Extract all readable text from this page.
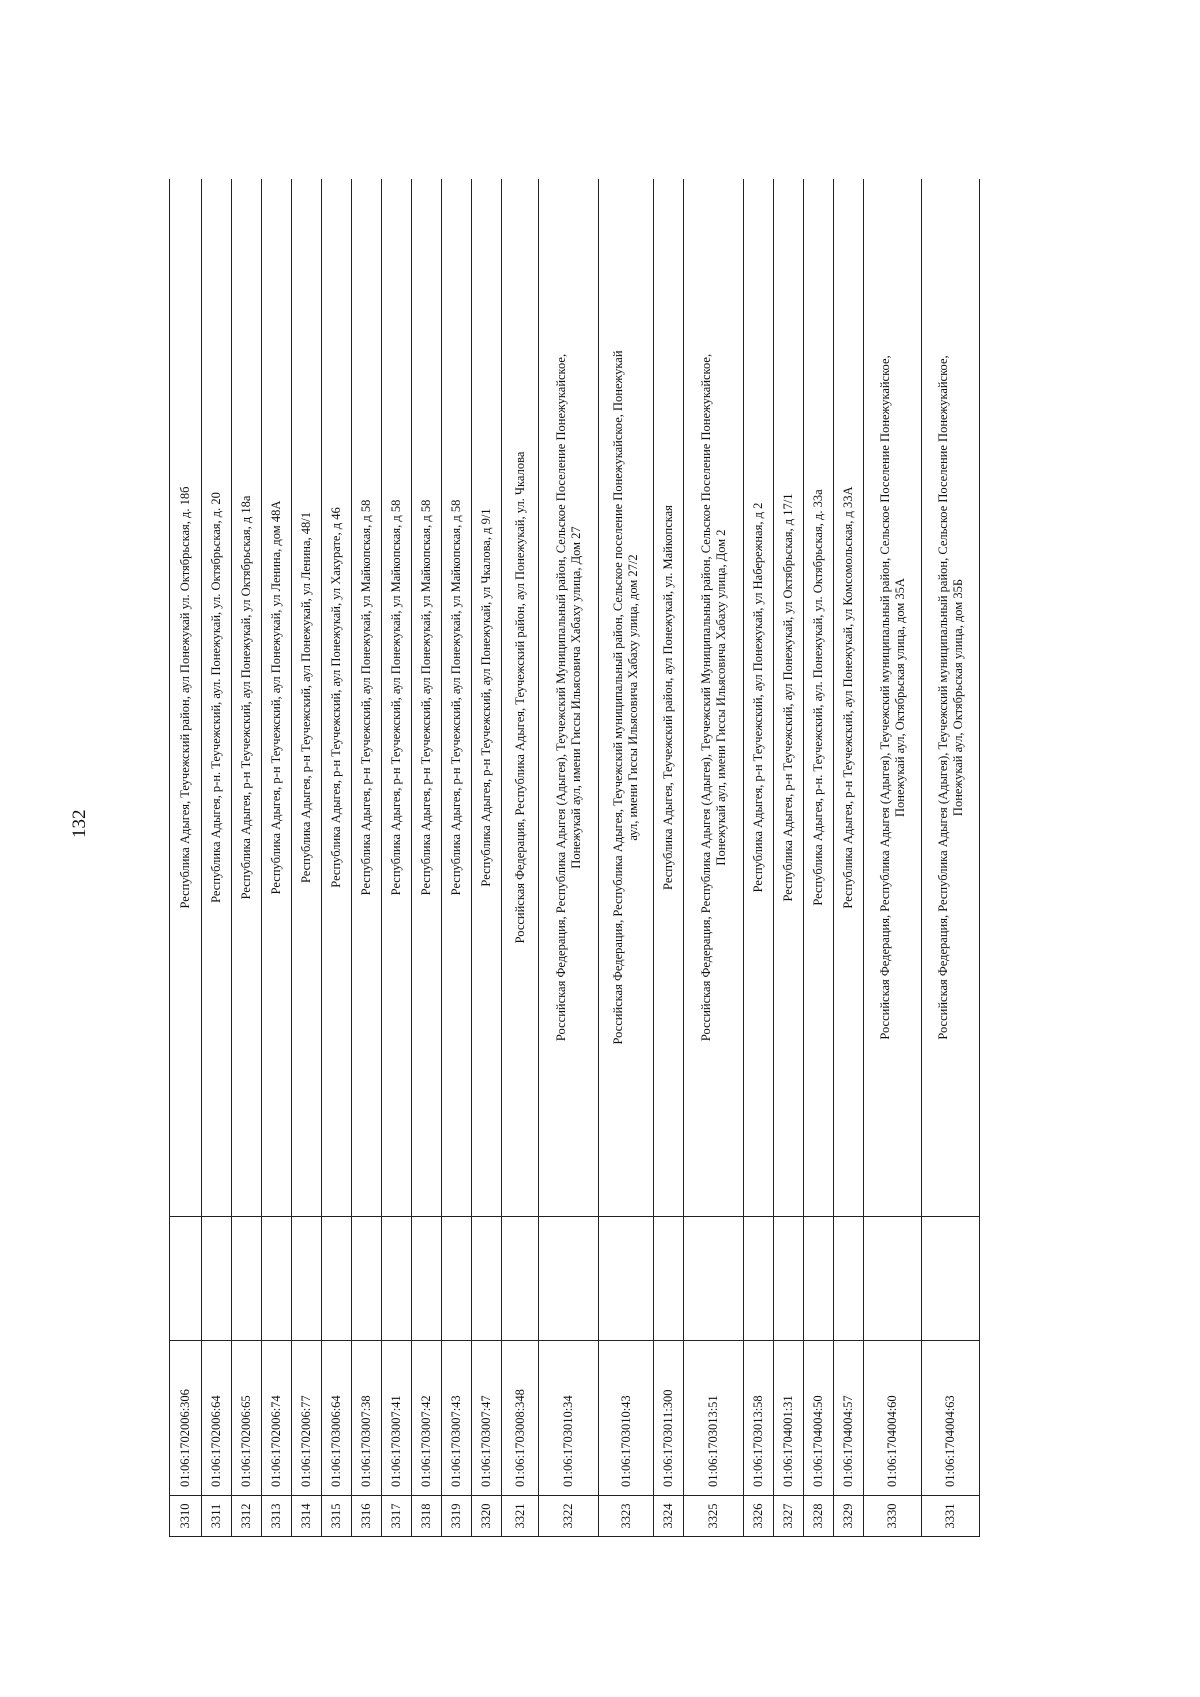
132
3310	01:06:1702006:306		Республика Адыгея, Теучежский район, аул Понежукай ул. Октябрьская, д. 18б

3311	01:06:1702006:64		Республика Адыгея, р-н. Теучежский, аул. Понежукай, ул. Октябрьская, д. 20

3312	01:06:1702006:65		Республика Адыгея, р-н Теучежский, аул Понежукай, ул Октябрьская, д 18а

3313	01:06:1702006:74		Республика Адыгея, р-н Теучежский, аул Понежукай, ул Ленина, дом 48А

3314	01:06:1702006:77		Республика Адыгея, р-н Теучежский, аул Понежукай, ул Ленина, 48/1

3315	01:06:1703006:64		Республика Адыгея, р-н Теучежский, аул Понежукай, ул Хакурате, д 46

3316	01:06:1703007:38		Республика Адыгея, р-н Теучежский, аул Понежукай, ул Майкопская, д 58

3317	01:06:1703007:41		Республика Адыгея, р-н Теучежский, аул Понежукай, ул Майкопская, д 58

3318	01:06:1703007:42		Республика Адыгея, р-н Теучежский, аул Понежукай, ул Майкопская, д 58

3319	01:06:1703007:43		Республика Адыгея, р-н Теучежский, аул Понежукай, ул Майкопская, д 58

3320	01:06:1703007:47		Республика Адыгея, р-н Теучежский, аул Понежукай, ул Чкалова, д 9/1

3321	01:06:1703008:348		Российская Федерация, Республика Адыгея, Теучежский район, аул Понежукай, ул. Чкалова

3322	01:06:1703010:34		Российская Федерация, Республика Адыгея (Адыгея), Теучежский Муниципальный район, Сельское Поселение Понежукайское, Понежукай аул, имени Гиссы Ильясовича Хабаху улица, Дом 27

3323	01:06:1703010:43		Российская Федерация, Республика Адыгея, Теучежский муниципальный район, Сельское поселение Понежукайское, Понежукай аул, имени Гиссы Ильясовича Хабаху улица, дом 27/2

3324	01:06:1703011:300		Республика Адыгея, Теучежский район, аул Понежукай, ул. Майкопская

3325	01:06:1703013:51		Российская Федерация, Республика Адыгея (Адыгея), Теучежский Муниципальный район, Сельское Поселение Понежукайское, Понежукай аул, имени Гиссы Ильясовича Хабаху улица, Дом 2

3326	01:06:1703013:58		Республика Адыгея, р-н Теучежский, аул Понежукай, ул Набережная, д 2

3327	01:06:1704001:31		Республика Адыгея, р-н Теучежский, аул Понежукай, ул Октябрьская, д 17/1

3328	01:06:1704004:50		Республика Адыгея, р-н. Теучежский, аул. Понежукай, ул. Октябрьская, д. 33а

3329	01:06:1704004:57		Республика Адыгея, р-н Теучежский, аул Понежукай, ул Комсомольская, д 33А

3330	01:06:1704004:60		Российская Федерация, Республика Адыгея (Адыгея), Теучежский муниципальный район, Сельское Поселение Понежукайское, Понежукай аул, Октябрьская улица, дом 35А

3331	01:06:1704004:63		Российская Федерация, Республика Адыгея (Адыгея), Теучежский муниципальный район, Сельское Поселение Понежукайское, Понежукай аул, Октябрьская улица, дом 35Б
